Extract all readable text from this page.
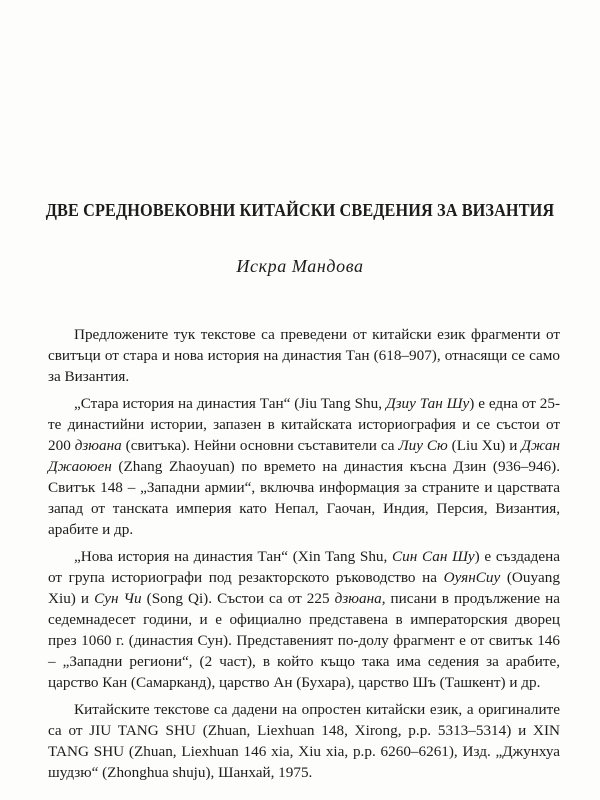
ДВЕ СРЕДНОВЕКОВНИ КИТАЙСКИ СВЕДЕНИЯ ЗА ВИЗАНТИЯ
Искра Мандова

Предложените тук текстове са преведени от китайски език фрагменти от свитъци от стара и нова история на династия Тан (618–907), отнасящи се само за Византия.

„Стара история на династия Тан“ (Jiu Tang Shu, Дзиу Тан Шу) е една от 25-те династийни истории, запазен в китайската историография и се състои от 200 дзюана (свитъка). Нейни основни съставители са Лиу Сю (Liu Xu) и Джан Джаоюен (Zhang Zhaoyuan) по времето на династия късна Дзин (936–946). Свитък 148 – „Западни армии“, включва информация за страните и царствата запад от танската империя като Непал, Гаочан, Индия, Персия, Византия, арабите и др.

„Нова история на династия Тан“ (Xin Tang Shu, Син Сан Шу) е създадена от група историографи под резакторското ръководство на ОуянСиу (Ouyang Xiu) и Сун Чи (Song Qi). Състои са от 225 дзюана, писани в продължение на седемнадесет години, и е официално представена в императорския дворец през 1060 г. (династия Сун). Представеният по-долу фрагмент е от свитък 146 – „Западни региони“, (2 част), в който къщо така има седения за арабите, царство Кан (Самарканд), царство Ан (Бухара), царство Шъ (Ташкент) и др.

Китайските текстове са дадени на опростен китайски език, а оригиналите са от JIU TANG SHU (Zhuan, Liexhuan 148, Xirong, p.p. 5313–5314) и XIN TANG SHU (Zhuan, Liexhuan 146 xia, Xiu xia, p.p. 6260–6261), Изд. „Джунхуа шудзю“ (Zhonghua shuju), Шанхай, 1975.
